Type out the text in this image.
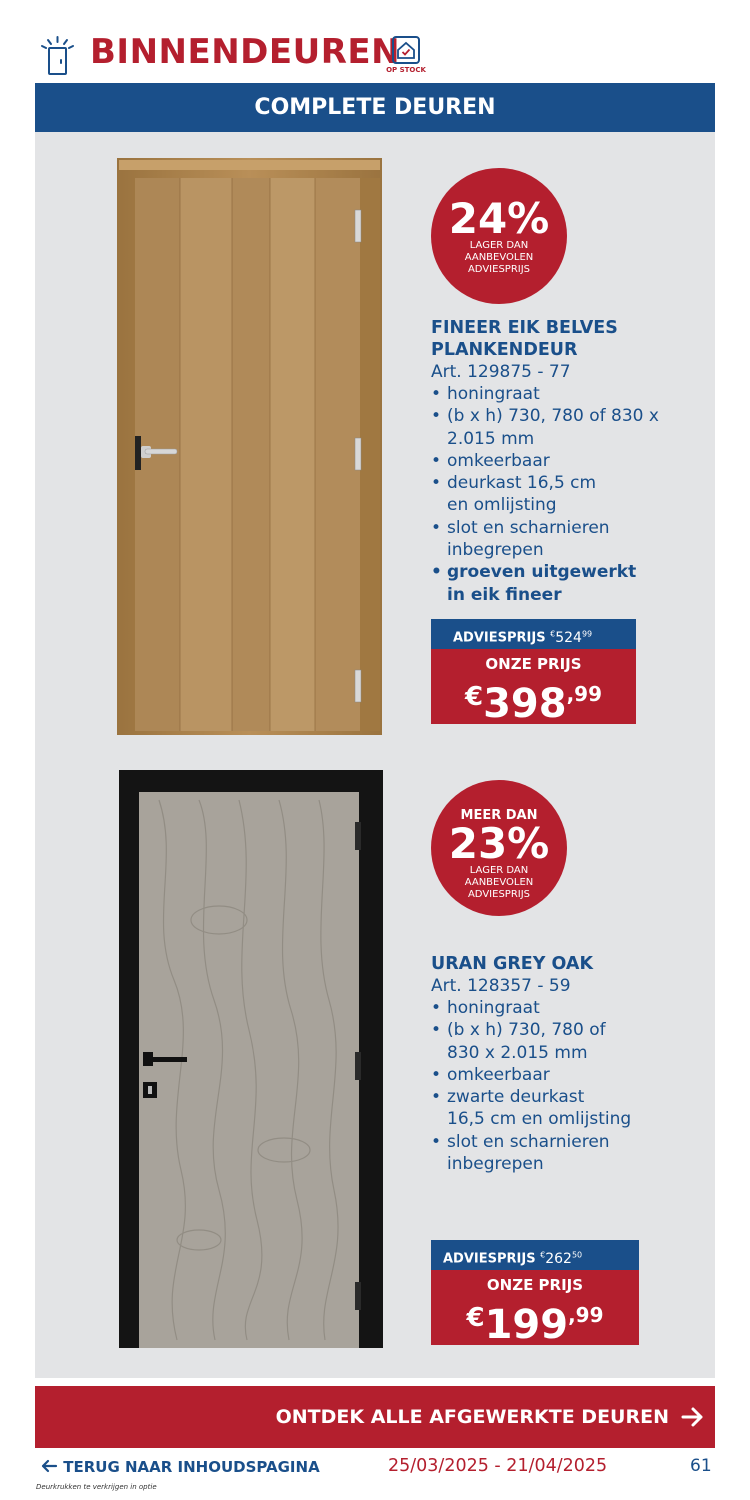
BINNENDEUREN
OP STOCK
COMPLETE DEUREN
24%
LAGER DAN
AANBEVOLEN
ADVIESPRIJS
FINEER EIK BELVES
PLANKENDEUR
Art. 129875 - 77
• honingraat
• (b x h) 730, 780 of 830 x
2.015 mm
• omkeerbaar
• deurkast 16,5 cm
en omlijsting
• slot en scharnieren
inbegrepen
• groeven uitgewerkt
in eik fineer
ADVIESPRIJS $^€524^{99}$
ONZE PRIJS
$^€398^{,99}$
MEER DAN
23%
LAGER DAN
AANBEVOLEN
ADVIESPRIJS
URAN GREY OAK
Art. 128357 - 59
• honingraat
• (b x h) 730, 780 of
830 x 2.015 mm
• omkeerbaar
• zwarte deurkast
16,5 cm en omlijsting
• slot en scharnieren
inbegrepen
ADVIESPRIJS $^€262^{50}$
ONZE PRIJS
$^€199^{,99}$
ONTDEK ALLE AFGEWERKTE DEUREN
TERUG NAAR INHOUDSPAGINA	25/03/2025 - 21/04/2025	61
Deurkrukken te verkrijgen in optie
